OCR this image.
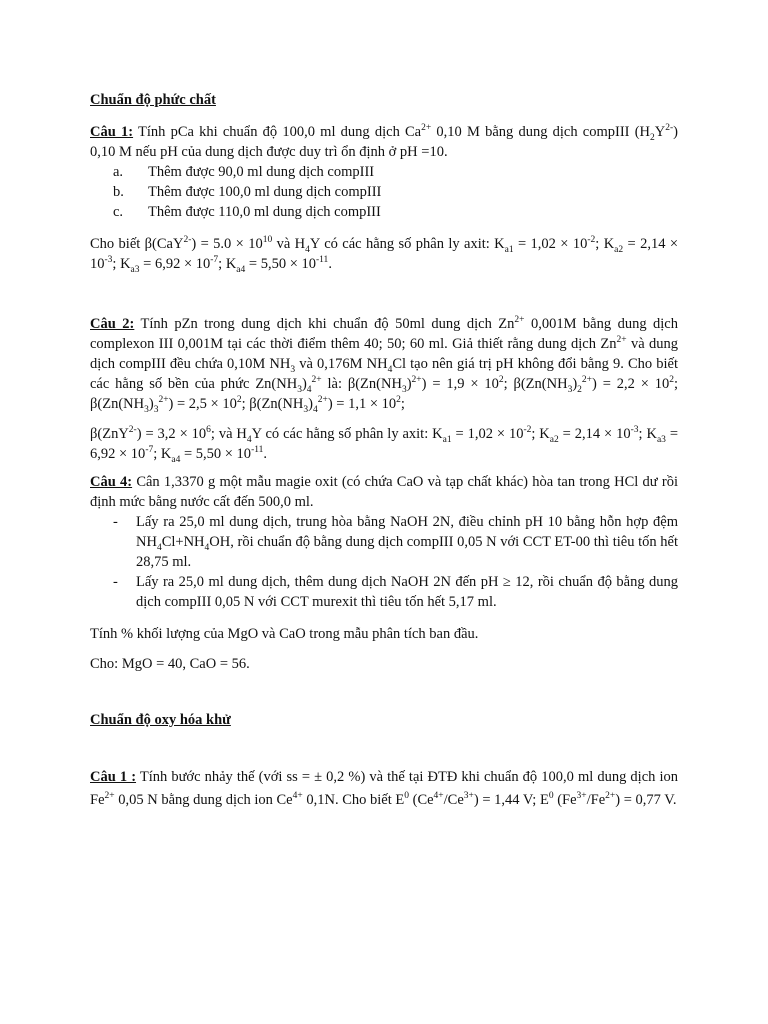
Chuẩn độ phức chất

Câu 1: Tính pCa khi chuẩn độ 100,0 ml dung dịch $Ca^{2+}$ 0,10 M bằng dung dịch compIII $(H_2Y^{2-})$ 0,10 M nếu pH của dung dịch được duy trì ổn định ở pH =10.

a. Thêm được 90,0 ml dung dịch compIII
b. Thêm được 100,0 ml dung dịch compIII
c. Thêm được 110,0 ml dung dịch compIII

Cho biết $\beta(CaY^{2-}) = 5.0 \times 10^{10}$ và $H_4Y$ có các hằng số phân ly axit: $K_{a1} = 1,02 \times 10^{-2}$; $K_{a2} = 2,14 \times 10^{-3}$; $K_{a3} = 6,92 \times 10^{-7}$; $K_{a4} = 5,50 \times 10^{-11}$.

Câu 2: Tính pZn trong dung dịch khi chuẩn độ 50ml dung dịch $Zn^{2+}$ 0,001M bằng dung dịch complexon III 0,001M tại các thời điểm thêm 40; 50; 60 ml. Giả thiết rằng dung dịch $Zn^{2+}$ và dung dịch compIII đều chứa 0,10M $NH_3$ và 0,176M $NH_4Cl$ tạo nên giá trị pH không đổi bằng 9. Cho biết các hằng số bền của phức $Zn(NH_3)_4^{2+}$ là: $\beta(Zn(NH_3)^{2+}) = 1,9 \times 10^2$; $\beta(Zn(NH_3)_2^{2+}) = 2,2 \times 10^2$; $\beta(Zn(NH_3)_3^{2+}) = 2,5 \times 10^2$; $\beta(Zn(NH_3)_4^{2+}) = 1,1 \times 10^2$;

$\beta(ZnY^{2-}) = 3,2 \times 10^6$; và $H_4Y$ có các hằng số phân ly axit: $K_{a1} = 1,02 \times 10^{-2}$; $K_{a2} = 2,14 \times 10^{-3}$; $K_{a3} = 6,92 \times 10^{-7}$; $K_{a4} = 5,50 \times 10^{-11}$.

Câu 4: Cân 1,3370 g một mẫu magie oxit (có chứa CaO và tạp chất khác) hòa tan trong HCl dư rồi định mức bằng nước cất đến 500,0 ml.

- Lấy ra 25,0 ml dung dịch, trung hòa bằng NaOH 2N, điều chỉnh pH 10 bằng hỗn hợp đệm $NH_4Cl+NH_4OH$, rồi chuẩn độ bằng dung dịch compIII 0,05 N với CCT ET-00 thì tiêu tốn hết 28,75 ml.
- Lấy ra 25,0 ml dung dịch, thêm dung dịch NaOH 2N đến pH ≥ 12, rồi chuẩn độ bằng dung dịch compIII 0,05 N với CCT murexit thì tiêu tốn hết 5,17 ml.

Tính % khối lượng của MgO và CaO trong mẫu phân tích ban đầu.

Cho: MgO = 40, CaO = 56.

Chuẩn độ oxy hóa khử

Câu 1 : Tính bước nhảy thế (với ss = ± 0,2 %) và thế tại ĐTĐ khi chuẩn độ 100,0 ml dung dịch ion $Fe^{2+}$ 0,05 N bằng dung dịch ion $Ce^{4+}$ 0,1N. Cho biết $E^0$ $(Ce^{4+}/Ce^{3+}) = 1,44$ V; $E^0$ $(Fe^{3+}/Fe^{2+}) = 0,77$ V.
